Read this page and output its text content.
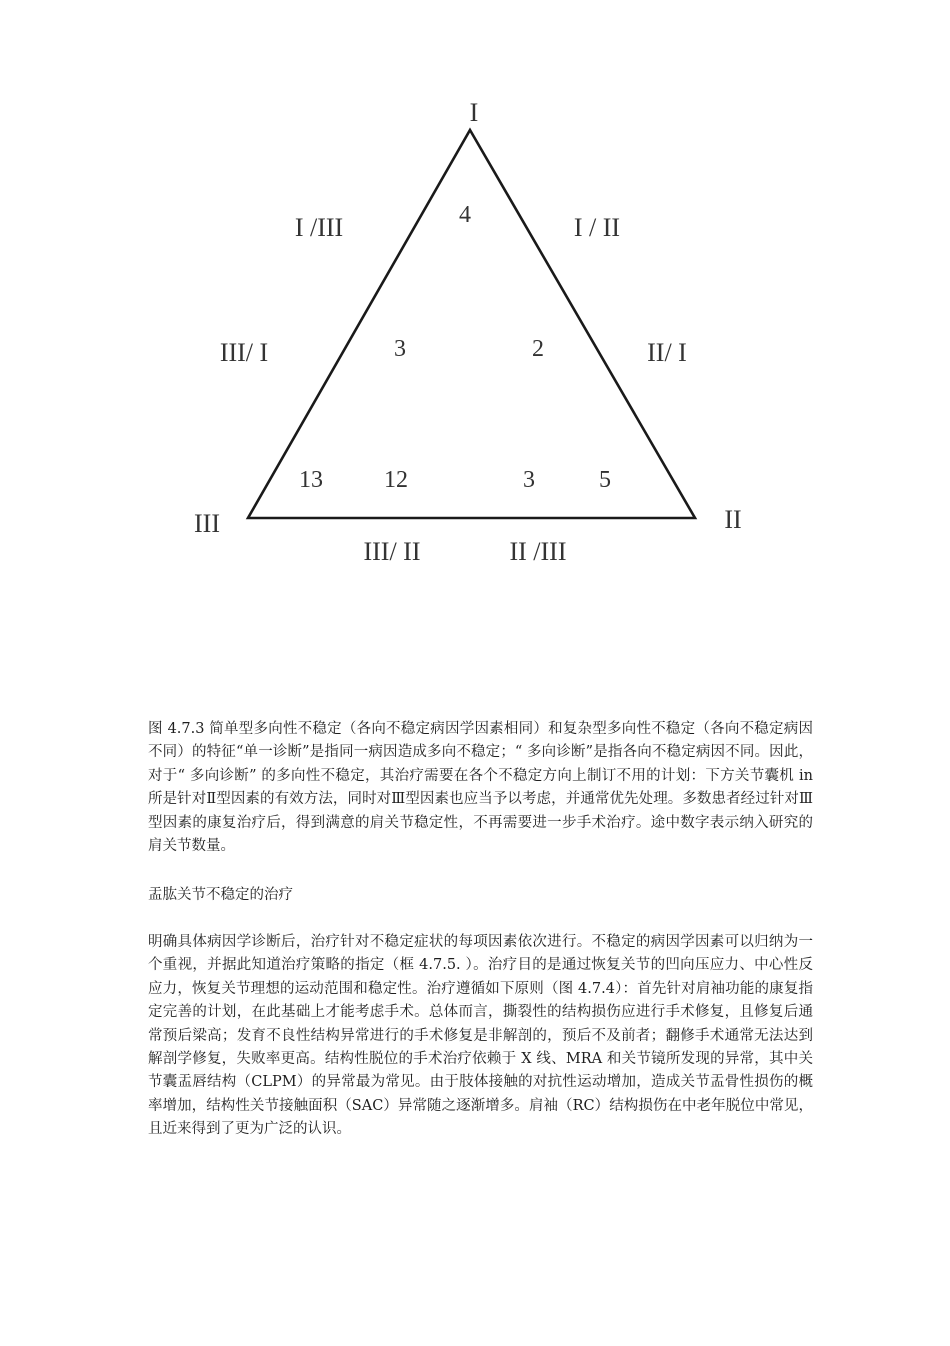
I
II
III
I /III	I / II
III/ I	II/ I
III/ II	II /III
4
3	2
13	12	3	5

图 4.7.3 简单型多向性不稳定（各向不稳定病因学因素相同）和复杂型多向性不稳定（各向不稳定病因不同）的特征“单一诊断”是指同一病因造成多向不稳定；“ 多向诊断”是指各向不稳定病因不同。因此，对于“ 多向诊断” 的多向性不稳定，其治疗需要在各个不稳定方向上制订不用的计划：下方关节囊机 in 所是针对Ⅱ型因素的有效方法，同时对Ⅲ型因素也应当予以考虑，并通常优先处理。多数患者经过针对Ⅲ型因素的康复治疗后，得到满意的肩关节稳定性，不再需要进一步手术治疗。途中数字表示纳入研究的肩关节数量。

盂肱关节不稳定的治疗

明确具体病因学诊断后，治疗针对不稳定症状的每项因素依次进行。不稳定的病因学因素可以归纳为一个重视，并据此知道治疗策略的指定（框 4.7.5. ）。治疗目的是通过恢复关节的凹向压应力、中心性反应力，恢复关节理想的运动范围和稳定性。治疗遵循如下原则（图 4.7.4）：首先针对肩袖功能的康复指定完善的计划，在此基础上才能考虑手术。总体而言，撕裂性的结构损伤应进行手术修复，且修复后通常预后梁高；发育不良性结构异常进行的手术修复是非解剖的，预后不及前者；翻修手术通常无法达到解剖学修复，失败率更高。结构性脱位的手术治疗依赖于 X 线、MRA 和关节镜所发现的异常，其中关节囊盂唇结构（CLPM）的异常最为常见。由于肢体接触的对抗性运动增加，造成关节盂骨性损伤的概率增加，结构性关节接触面积（SAC）异常随之逐渐增多。肩袖（RC）结构损伤在中老年脱位中常见，且近来得到了更为广泛的认识。
